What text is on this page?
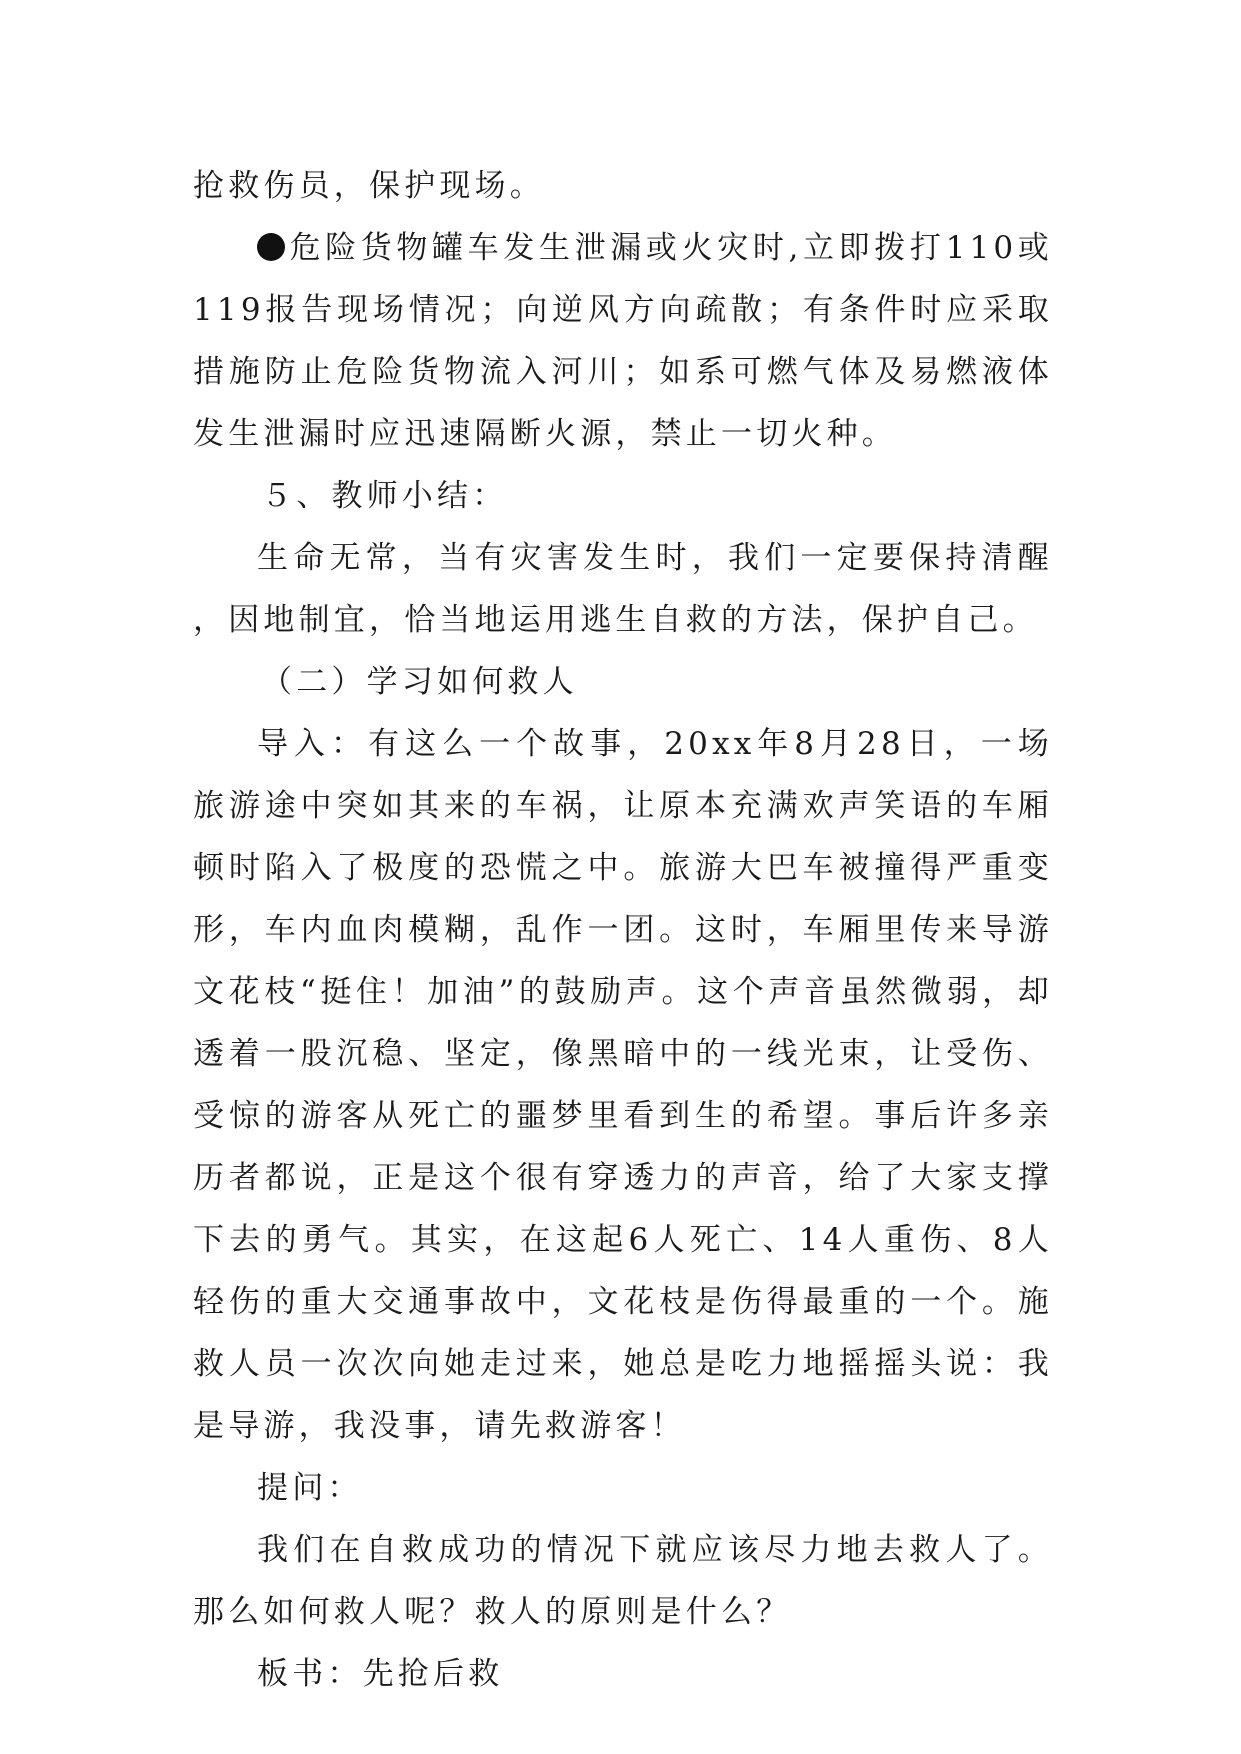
抢救伤员，保护现场。

危险货物罐车发生泄漏或火灾时,立即拨打110或119报告现场情况；向逆风方向疏散；有条件时应采取措施防止危险货物流入河川；如系可燃气体及易燃液体发生泄漏时应迅速隔断火源，禁止一切火种。

５、教师小结：

生命无常，当有灾害发生时，我们一定要保持清醒，因地制宜，恰当地运用逃生自救的方法，保护自己。

（二）学习如何救人

导入：有这么一个故事，20xx年8月28日，一场旅游途中突如其来的车祸，让原本充满欢声笑语的车厢顿时陷入了极度的恐慌之中。旅游大巴车被撞得严重变形，车内血肉模糊，乱作一团。这时，车厢里传来导游文花枝“挺住！加油”的鼓励声。这个声音虽然微弱，却透着一股沉稳、坚定，像黑暗中的一线光束，让受伤、受惊的游客从死亡的噩梦里看到生的希望。事后许多亲历者都说，正是这个很有穿透力的声音，给了大家支撑下去的勇气。其实，在这起6人死亡、14人重伤、8人轻伤的重大交通事故中，文花枝是伤得最重的一个。施救人员一次次向她走过来，她总是吃力地摇摇头说：我是导游，我没事，请先救游客！

提问：

我们在自救成功的情况下就应该尽力地去救人了。那么如何救人呢？救人的原则是什么？

板书：先抢后救
